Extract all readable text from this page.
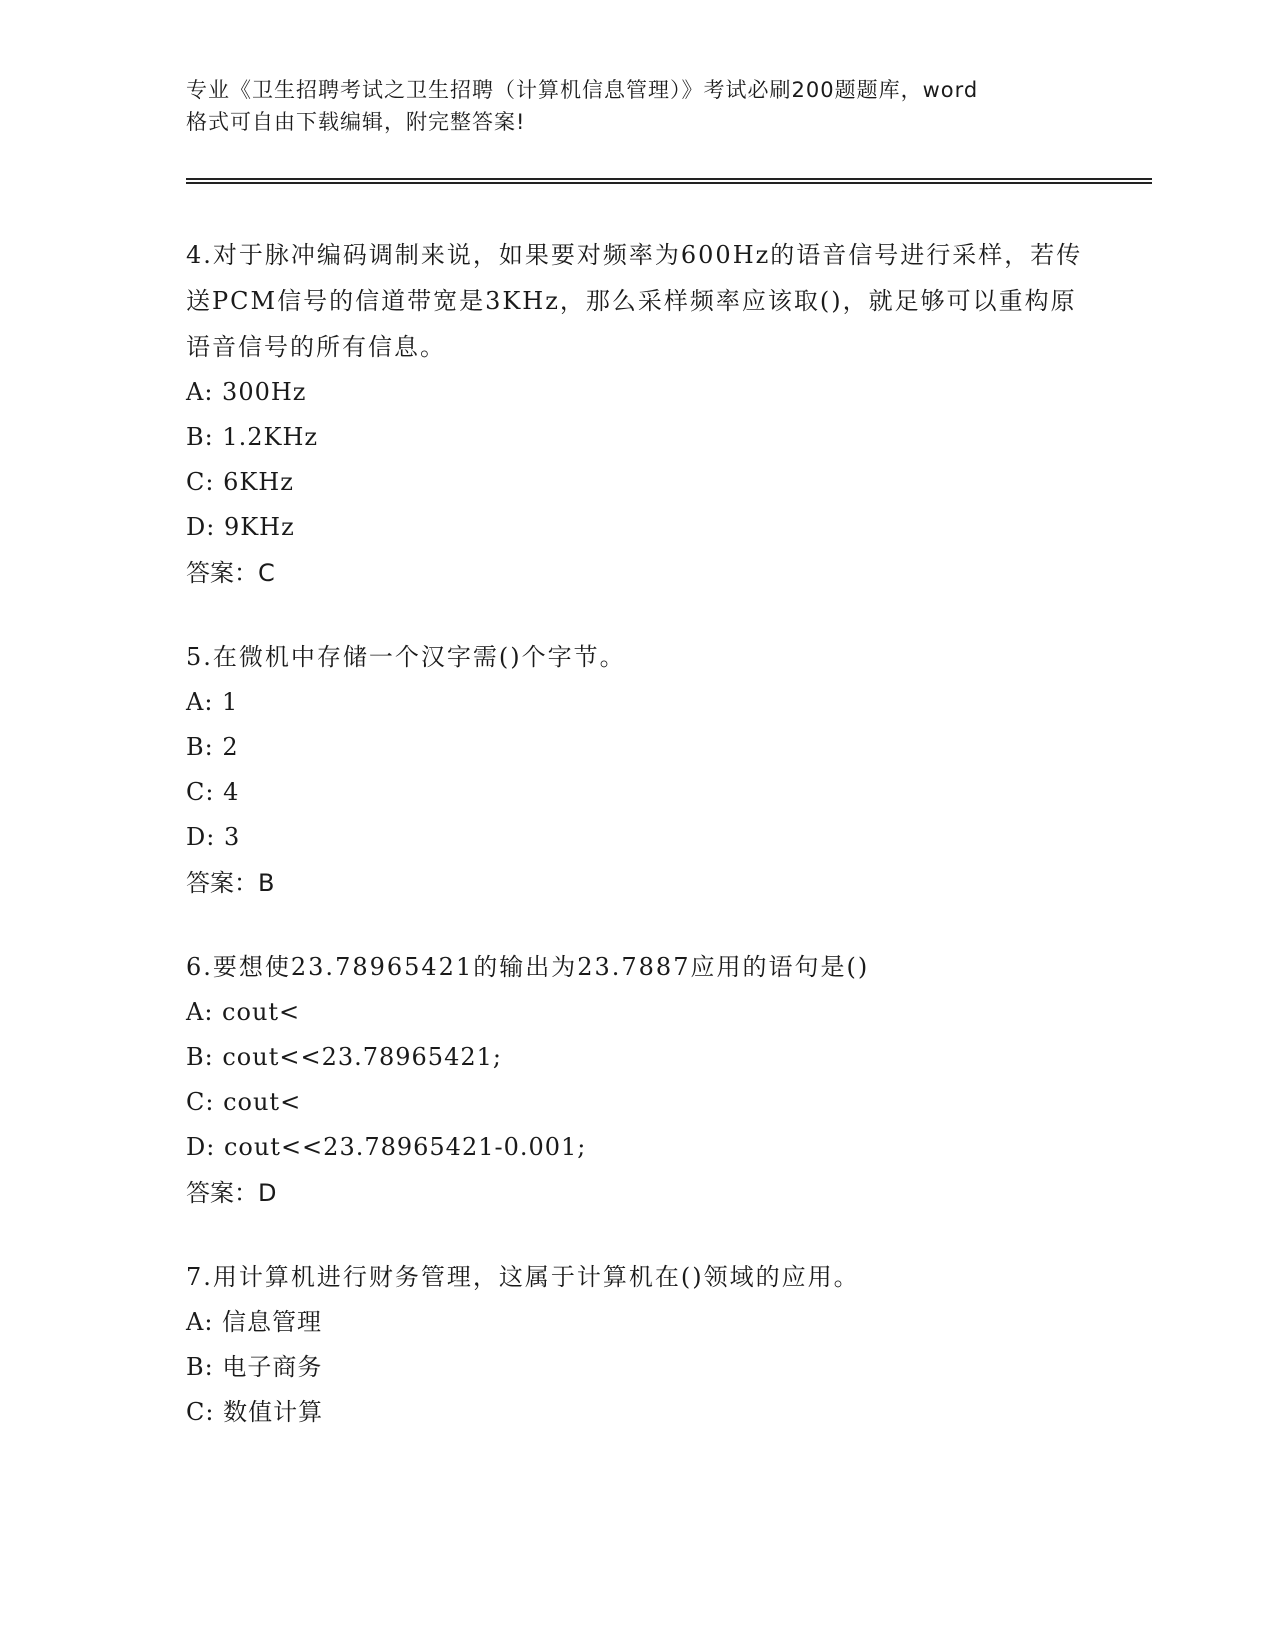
专业《卫生招聘考试之卫生招聘（计算机信息管理）》考试必刷200题题库，word
格式可自由下载编辑，附完整答案!

4.对于脉冲编码调制来说，如果要对频率为600Hz的语音信号进行采样，若传送PCM信号的信道带宽是3KHz，那么采样频率应该取()，就足够可以重构原语音信号的所有信息。

A: 300Hz

B: 1.2KHz

C: 6KHz

D: 9KHz

答案：C

5.在微机中存储一个汉字需()个字节。

A: 1

B: 2

C: 4

D: 3

答案：B

6.要想使23.78965421的输出为23.7887应用的语句是()

A: cout<

B: cout<<23.78965421;

C: cout<

D: cout<<23.78965421-0.001;

答案：D

7.用计算机进行财务管理，这属于计算机在()领域的应用。

A: 信息管理

B: 电子商务

C: 数值计算
